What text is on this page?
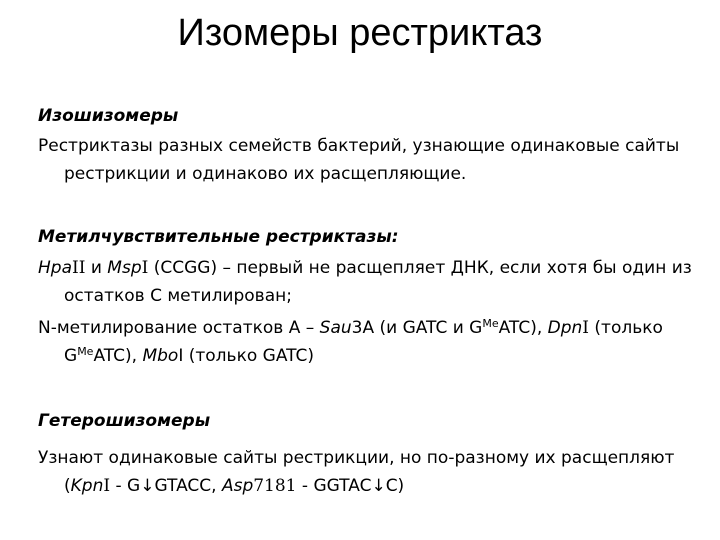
Изомеры рестриктаз
Изошизомеры
Рестриктазы разных семейств бактерий, узнающие одинаковые сайты рестрикции и одинаково их расщепляющие.
Метилчувствительные рестриктазы:
HpaII и MspI (CCGG) – первый не расщепляет ДНК, если хотя бы один из остатков С метилирован;
N-метилирование остатков А – Sau3A (и GATC и $G^{Me}ATC$), DpnI (только $G^{Me}ATC$), MboI (только GATC)
Гетерошизомеры
Узнают одинаковые сайты рестрикции, но по-разному их расщепляют (KpnI - G↓GTACC, Asp7181 - GGTAC↓C)
